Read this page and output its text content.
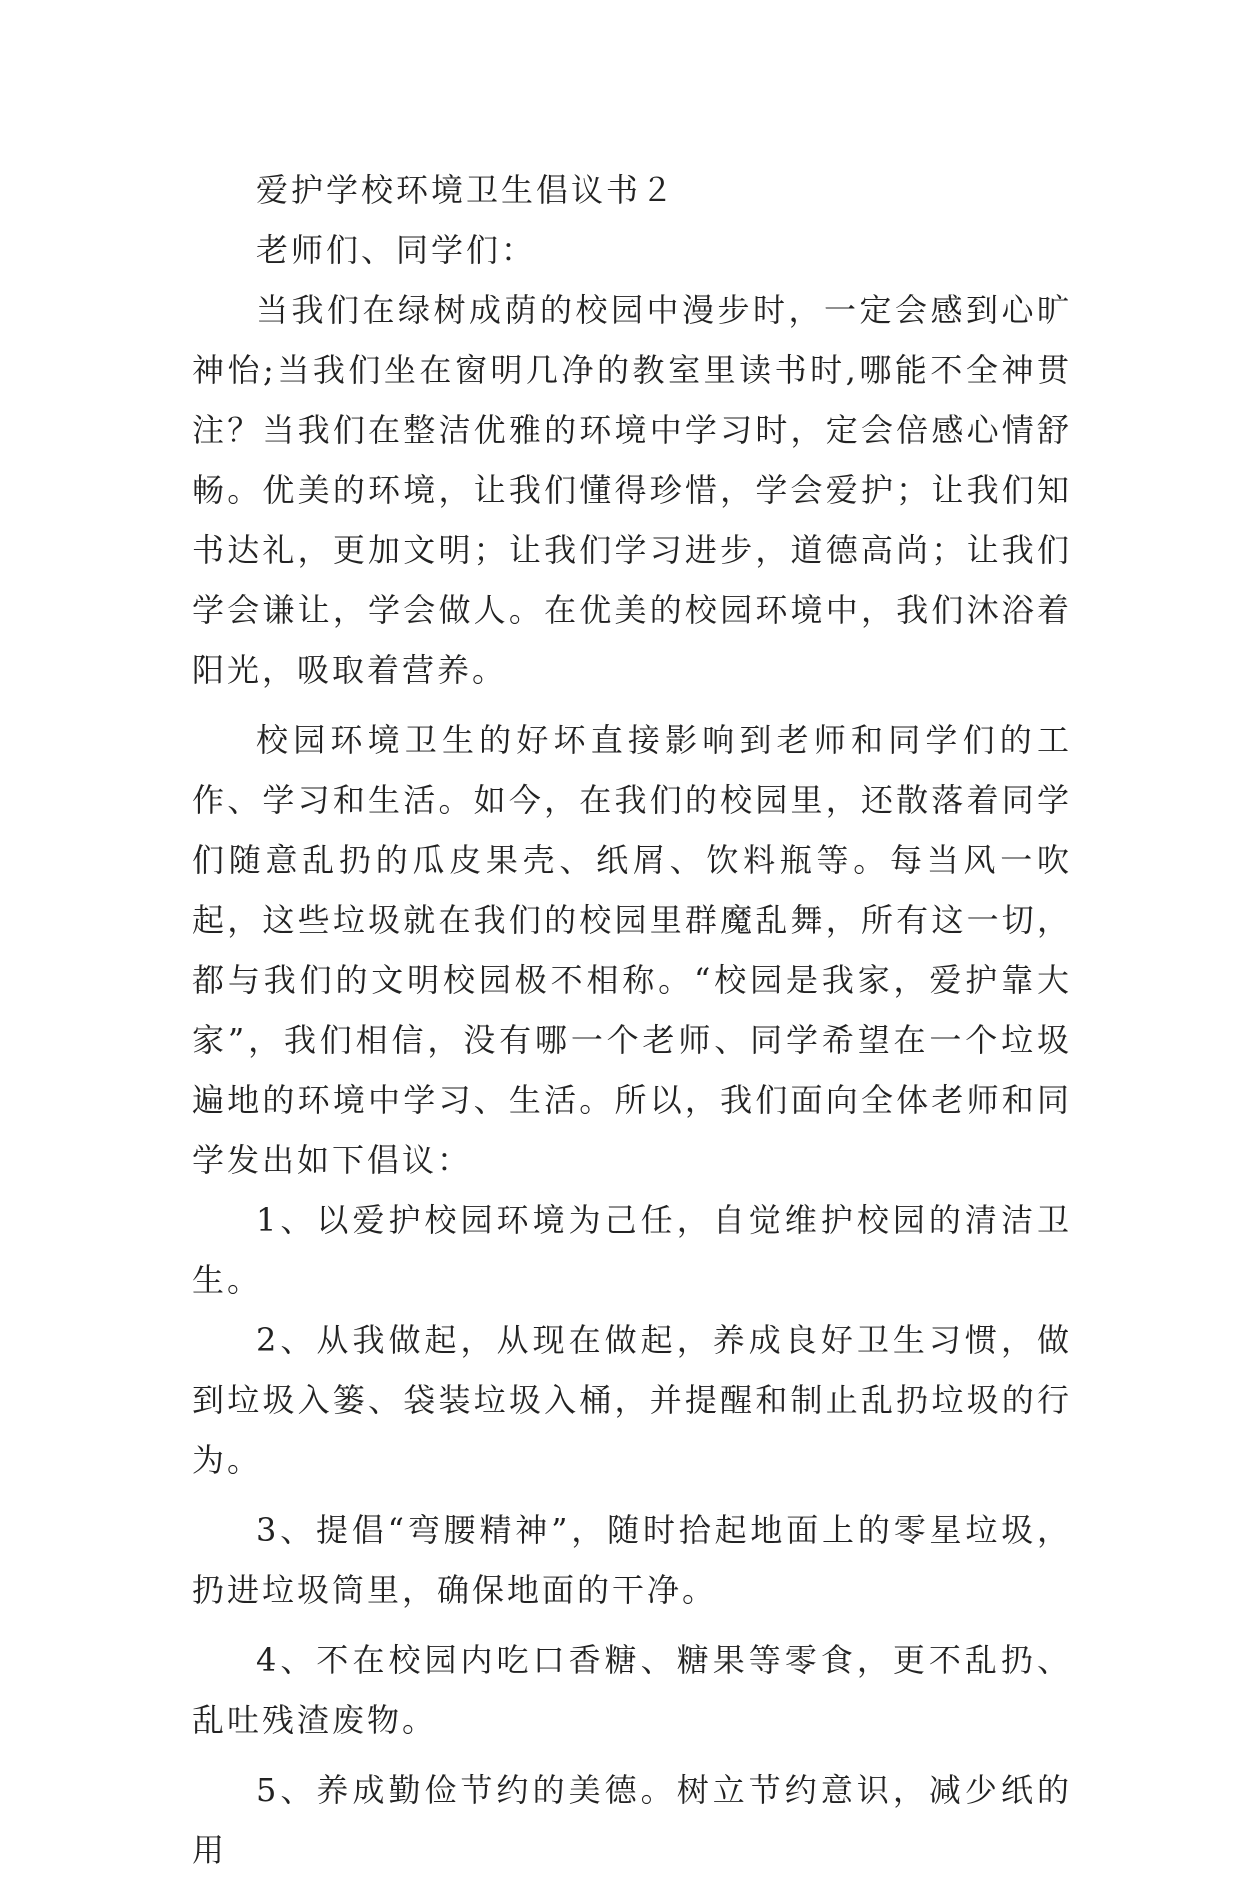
爱护学校环境卫生倡议书２

老师们、同学们：

当我们在绿树成荫的校园中漫步时，一定会感到心旷神怡;当我们坐在窗明几净的教室里读书时,哪能不全神贯注？当我们在整洁优雅的环境中学习时，定会倍感心情舒畅。优美的环境，让我们懂得珍惜，学会爱护；让我们知书达礼，更加文明；让我们学习进步，道德高尚；让我们学会谦让，学会做人。在优美的校园环境中，我们沐浴着阳光，吸取着营养。

校园环境卫生的好坏直接影响到老师和同学们的工作、学习和生活。如今，在我们的校园里，还散落着同学们随意乱扔的瓜皮果壳、纸屑、饮料瓶等。每当风一吹起，这些垃圾就在我们的校园里群魔乱舞，所有这一切，都与我们的文明校园极不相称。“校园是我家，爱护靠大家”，我们相信，没有哪一个老师、同学希望在一个垃圾遍地的环境中学习、生活。所以，我们面向全体老师和同学发出如下倡议：

1、以爱护校园环境为己任，自觉维护校园的清洁卫生。

2、从我做起，从现在做起，养成良好卫生习惯，做到垃圾入篓、袋装垃圾入桶，并提醒和制止乱扔垃圾的行为。

3、提倡“弯腰精神”，随时拾起地面上的零星垃圾，扔进垃圾筒里，确保地面的干净。

4、不在校园内吃口香糖、糖果等零食，更不乱扔、乱吐残渣废物。

5、养成勤俭节约的美德。树立节约意识，减少纸的用
